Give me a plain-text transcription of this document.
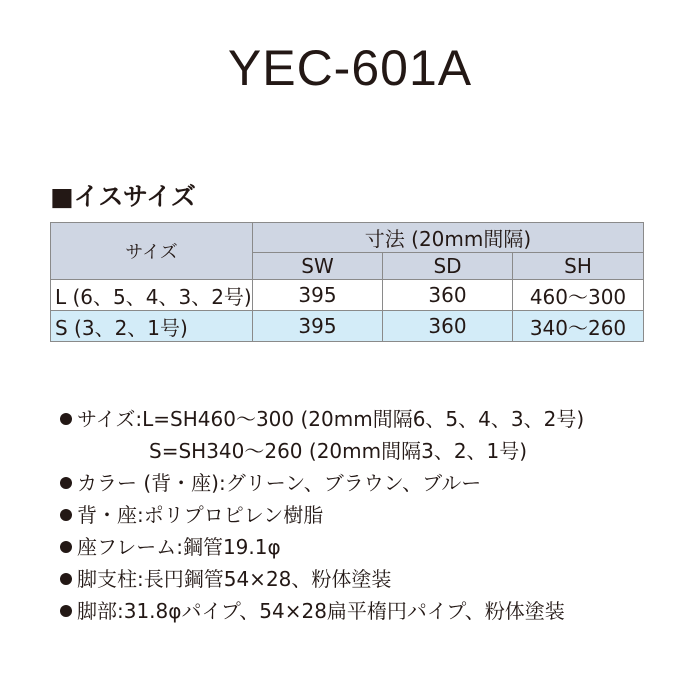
YEC-601A
■イスサイズ
サイズ	寸法 (20mm間隔)		
	SW	SD	SH
L (6、5、4、3、2号)	395	360	460～300
S (3、2、1号)	395	360	340～260
サイズ:L=SH460～300 (20mm間隔6、5、4、3、2号)
S=SH340～260 (20mm間隔3、2、1号)
カラー (背・座):グリーン、ブラウン、ブルー
背・座:ポリプロピレン樹脂
座フレーム:鋼管19.1φ
脚支柱:長円鋼管54×28、粉体塗装
脚部:31.8φパイプ、54×28扁平楕円パイプ、粉体塗装
